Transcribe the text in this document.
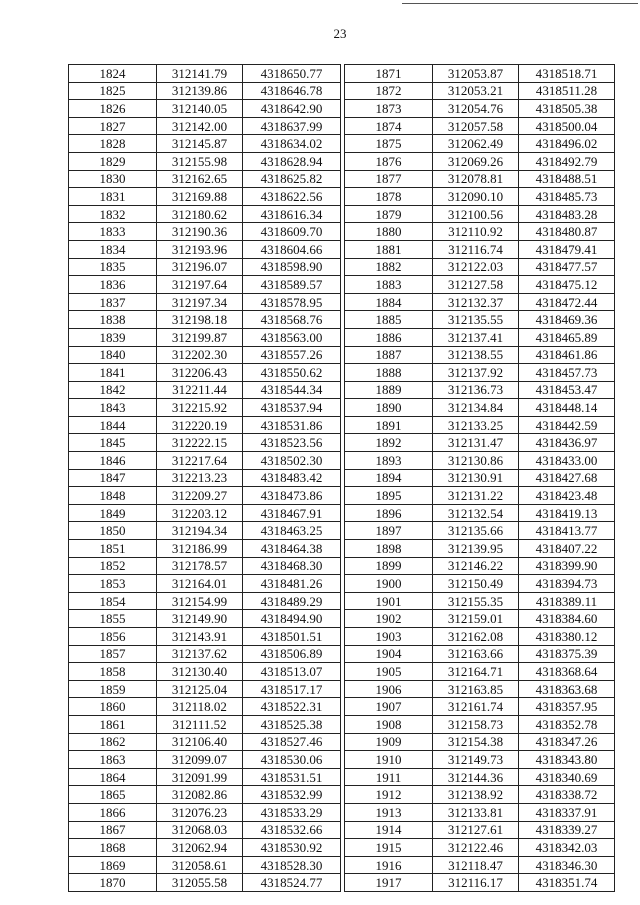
23
1824	312141.79	4318650.77
1825	312139.86	4318646.78
1826	312140.05	4318642.90
1827	312142.00	4318637.99
1828	312145.87	4318634.02
1829	312155.98	4318628.94
1830	312162.65	4318625.82
1831	312169.88	4318622.56
1832	312180.62	4318616.34
1833	312190.36	4318609.70
1834	312193.96	4318604.66
1835	312196.07	4318598.90
1836	312197.64	4318589.57
1837	312197.34	4318578.95
1838	312198.18	4318568.76
1839	312199.87	4318563.00
1840	312202.30	4318557.26
1841	312206.43	4318550.62
1842	312211.44	4318544.34
1843	312215.92	4318537.94
1844	312220.19	4318531.86
1845	312222.15	4318523.56
1846	312217.64	4318502.30
1847	312213.23	4318483.42
1848	312209.27	4318473.86
1849	312203.12	4318467.91
1850	312194.34	4318463.25
1851	312186.99	4318464.38
1852	312178.57	4318468.30
1853	312164.01	4318481.26
1854	312154.99	4318489.29
1855	312149.90	4318494.90
1856	312143.91	4318501.51
1857	312137.62	4318506.89
1858	312130.40	4318513.07
1859	312125.04	4318517.17
1860	312118.02	4318522.31
1861	312111.52	4318525.38
1862	312106.40	4318527.46
1863	312099.07	4318530.06
1864	312091.99	4318531.51
1865	312082.86	4318532.99
1866	312076.23	4318533.29
1867	312068.03	4318532.66
1868	312062.94	4318530.92
1869	312058.61	4318528.30
1870	312055.58	4318524.77
1871	312053.87	4318518.71
1872	312053.21	4318511.28
1873	312054.76	4318505.38
1874	312057.58	4318500.04
1875	312062.49	4318496.02
1876	312069.26	4318492.79
1877	312078.81	4318488.51
1878	312090.10	4318485.73
1879	312100.56	4318483.28
1880	312110.92	4318480.87
1881	312116.74	4318479.41
1882	312122.03	4318477.57
1883	312127.58	4318475.12
1884	312132.37	4318472.44
1885	312135.55	4318469.36
1886	312137.41	4318465.89
1887	312138.55	4318461.86
1888	312137.92	4318457.73
1889	312136.73	4318453.47
1890	312134.84	4318448.14
1891	312133.25	4318442.59
1892	312131.47	4318436.97
1893	312130.86	4318433.00
1894	312130.91	4318427.68
1895	312131.22	4318423.48
1896	312132.54	4318419.13
1897	312135.66	4318413.77
1898	312139.95	4318407.22
1899	312146.22	4318399.90
1900	312150.49	4318394.73
1901	312155.35	4318389.11
1902	312159.01	4318384.60
1903	312162.08	4318380.12
1904	312163.66	4318375.39
1905	312164.71	4318368.64
1906	312163.85	4318363.68
1907	312161.74	4318357.95
1908	312158.73	4318352.78
1909	312154.38	4318347.26
1910	312149.73	4318343.80
1911	312144.36	4318340.69
1912	312138.92	4318338.72
1913	312133.81	4318337.91
1914	312127.61	4318339.27
1915	312122.46	4318342.03
1916	312118.47	4318346.30
1917	312116.17	4318351.74
